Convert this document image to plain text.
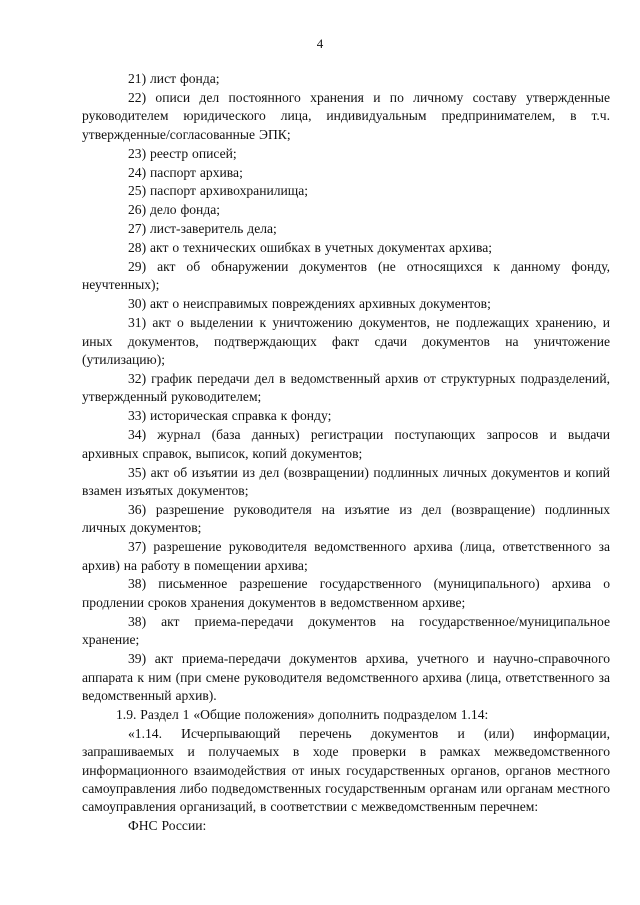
4

21) лист фонда;

22) описи дел постоянного хранения и по личному составу утвержденные руководителем юридического лица, индивидуальным предпринимателем, в т.ч. утвержденные/согласованные ЭПК;

23) реестр описей;

24) паспорт архива;

25) паспорт архивохранилища;

26) дело фонда;

27) лист-заверитель дела;

28) акт о технических ошибках в учетных документах архива;

29) акт об обнаружении документов (не относящихся к данному фонду, неучтенных);

30) акт о неисправимых повреждениях архивных документов;

31) акт о выделении к уничтожению документов, не подлежащих хранению, и иных документов, подтверждающих факт сдачи документов на уничтожение (утилизацию);

32) график передачи дел в ведомственный архив от структурных подразделений, утвержденный руководителем;

33) историческая справка к фонду;

34) журнал (база данных) регистрации поступающих запросов и выдачи архивных справок, выписок, копий документов;

35) акт об изъятии из дел (возвращении) подлинных личных документов и копий взамен изъятых документов;

36) разрешение руководителя на изъятие из дел (возвращение) подлинных личных документов;

37) разрешение руководителя ведомственного архива (лица, ответственного за архив) на работу в помещении архива;

38) письменное разрешение государственного (муниципального) архива о продлении сроков хранения документов в ведомственном архиве;

38) акт приема-передачи документов на государственное/муниципальное хранение;

39) акт приема-передачи документов архива, учетного и научно-справочного аппарата к ним (при смене руководителя ведомственного архива (лица, ответственного за ведомственный архив).

1.9. Раздел 1 «Общие положения» дополнить подразделом 1.14:

«1.14. Исчерпывающий перечень документов и (или) информации, запрашиваемых и получаемых в ходе проверки в рамках межведомственного информационного взаимодействия от иных государственных органов, органов местного самоуправления либо подведомственных государственным органам или органам местного самоуправления организаций, в соответствии с межведомственным перечнем:

ФНС России:
